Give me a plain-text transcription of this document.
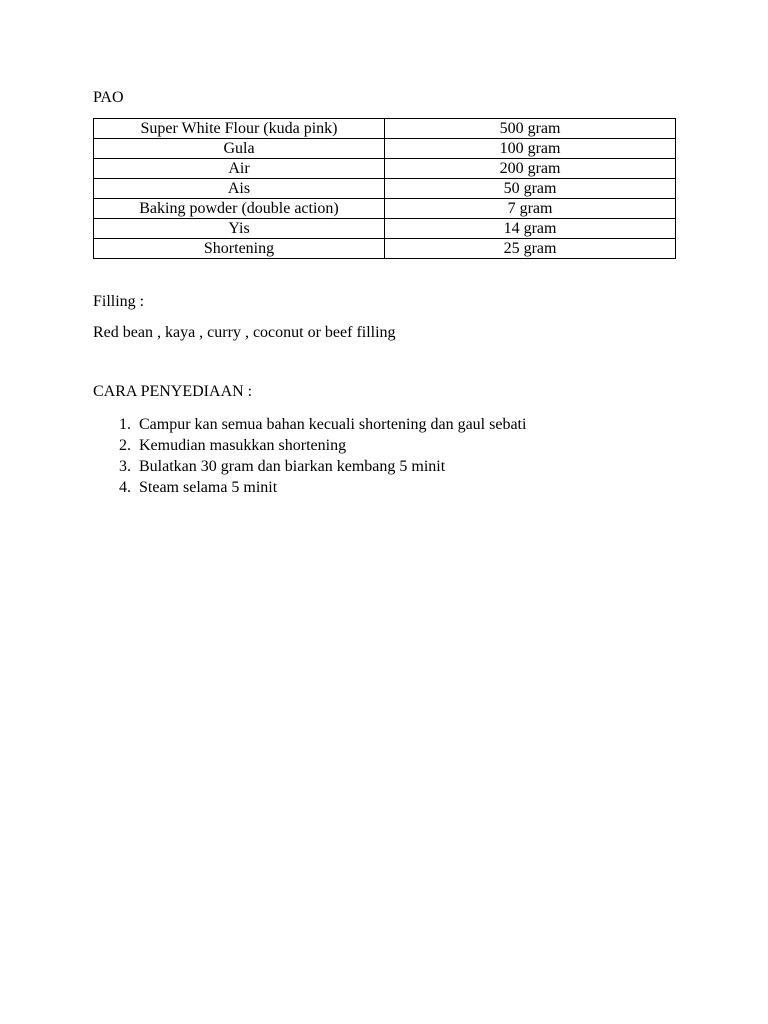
PAO
Super White Flour (kuda pink)	500 gram
Gula	100 gram
Air	200 gram
Ais	50 gram
Baking powder (double action)	7 gram
Yis	14 gram
Shortening	25 gram

Filling :

Red bean , kaya , curry , coconut or beef filling

CARA PENYEDIAAN :
1. Campur kan semua bahan kecuali shortening dan gaul sebati
2. Kemudian masukkan shortening
3. Bulatkan 30 gram dan biarkan kembang 5 minit
4. Steam selama 5 minit
